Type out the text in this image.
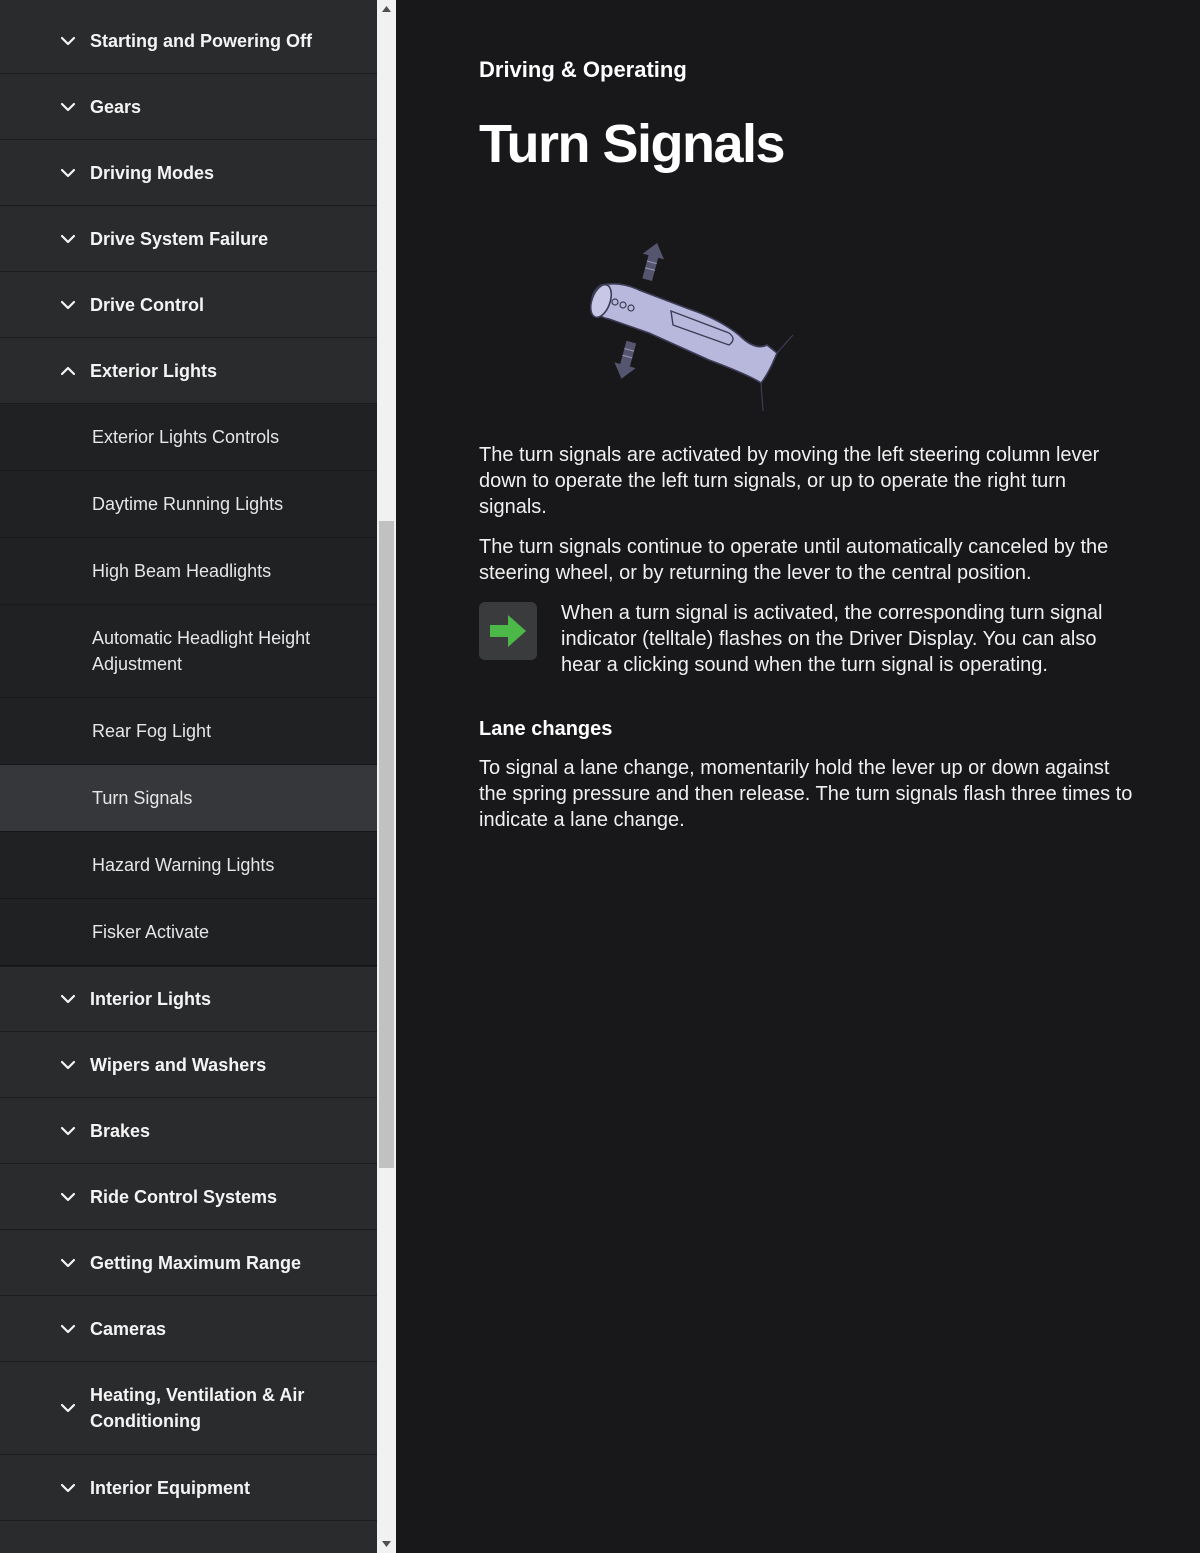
Starting and Powering Off
Gears
Driving Modes
Drive System Failure
Drive Control
Exterior Lights
Exterior Lights Controls
Daytime Running Lights
High Beam Headlights
Automatic Headlight Height Adjustment
Rear Fog Light
Turn Signals
Hazard Warning Lights
Fisker Activate
Interior Lights
Wipers and Washers
Brakes
Ride Control Systems
Getting Maximum Range
Cameras
Heating, Ventilation & Air Conditioning
Interior Equipment
Driving & Operating
Turn Signals

The turn signals are activated by moving the left steering column lever down to operate the left turn signals, or up to operate the right turn signals.

The turn signals continue to operate until automatically canceled by the steering wheel, or by returning the lever to the central position.

When a turn signal is activated, the corresponding turn signal indicator (telltale) flashes on the Driver Display. You can also hear a clicking sound when the turn signal is operating.

Lane changes

To signal a lane change, momentarily hold the lever up or down against the spring pressure and then release. The turn signals flash three times to indicate a lane change.
